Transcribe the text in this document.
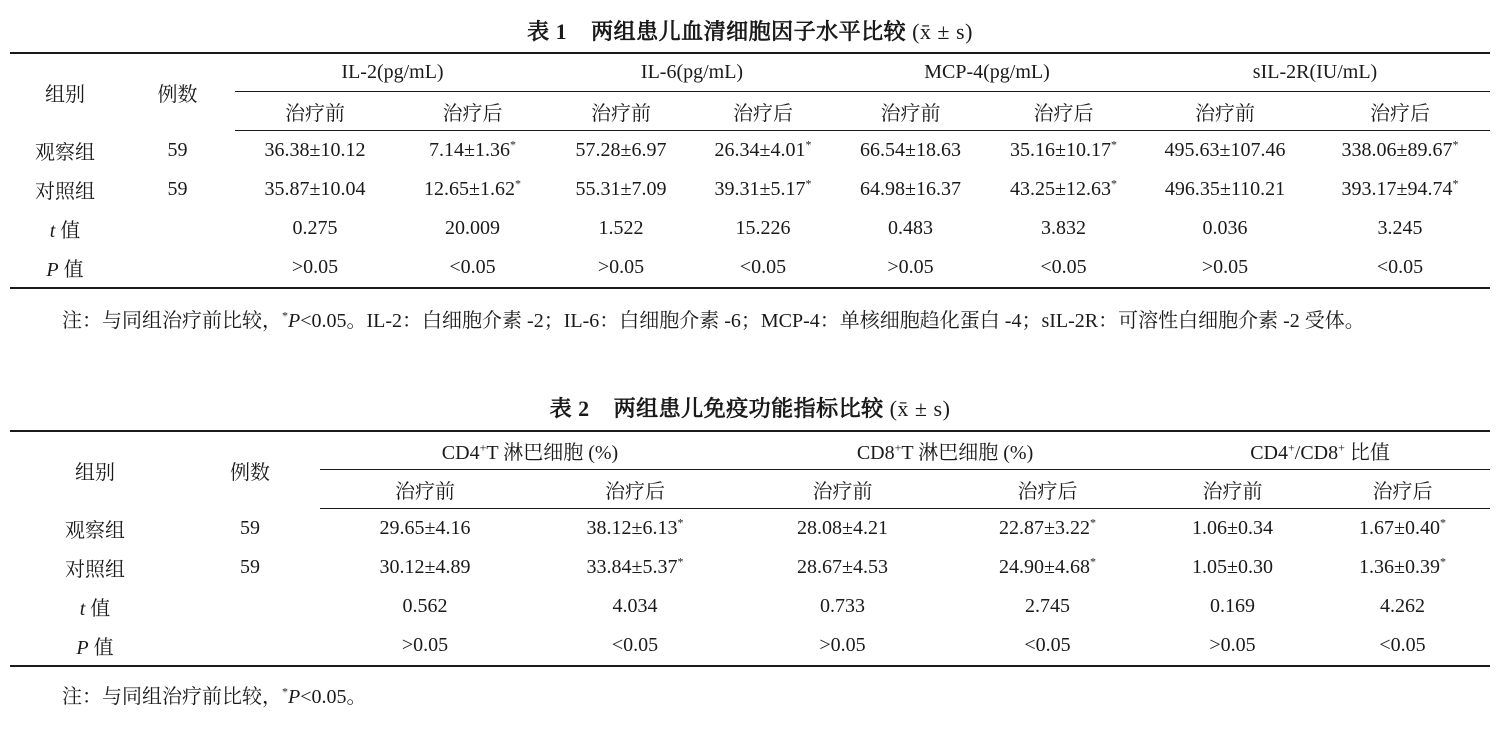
表 1 两组患儿血清细胞因子水平比较 (x̄ ± s)
组别	例数	IL-2(pg/mL)		IL-6(pg/mL)		MCP-4(pg/mL)		sIL-2R(IU/mL)	
		治疗前	治疗后	治疗前	治疗后	治疗前	治疗后	治疗前	治疗后
观察组	59	36.38±10.12	7.14±1.36*	57.28±6.97	26.34±4.01*	66.54±18.63	35.16±10.17*	495.63±107.46	338.06±89.67*
对照组	59	35.87±10.04	12.65±1.62*	55.31±7.09	39.31±5.17*	64.98±16.37	43.25±12.63*	496.35±110.21	393.17±94.74*
t 值		0.275	20.009	1.522	15.226	0.483	3.832	0.036	3.245
P 值		>0.05	<0.05	>0.05	<0.05	>0.05	<0.05	>0.05	<0.05
注：与同组治疗前比较，*P<0.05。IL-2：白细胞介素 -2；IL-6：白细胞介素 -6；MCP-4：单核细胞趋化蛋白 -4；sIL-2R：可溶性白细胞介素 -2 受体。
表 2 两组患儿免疫功能指标比较 (x̄ ± s)
组别	例数	CD4+T 淋巴细胞 (%)		CD8+T 淋巴细胞 (%)		CD4+/CD8+ 比值	
		治疗前	治疗后	治疗前	治疗后	治疗前	治疗后
观察组	59	29.65±4.16	38.12±6.13*	28.08±4.21	22.87±3.22*	1.06±0.34	1.67±0.40*
对照组	59	30.12±4.89	33.84±5.37*	28.67±4.53	24.90±4.68*	1.05±0.30	1.36±0.39*
t 值		0.562	4.034	0.733	2.745	0.169	4.262
P 值		>0.05	<0.05	>0.05	<0.05	>0.05	<0.05
注：与同组治疗前比较，*P<0.05。
